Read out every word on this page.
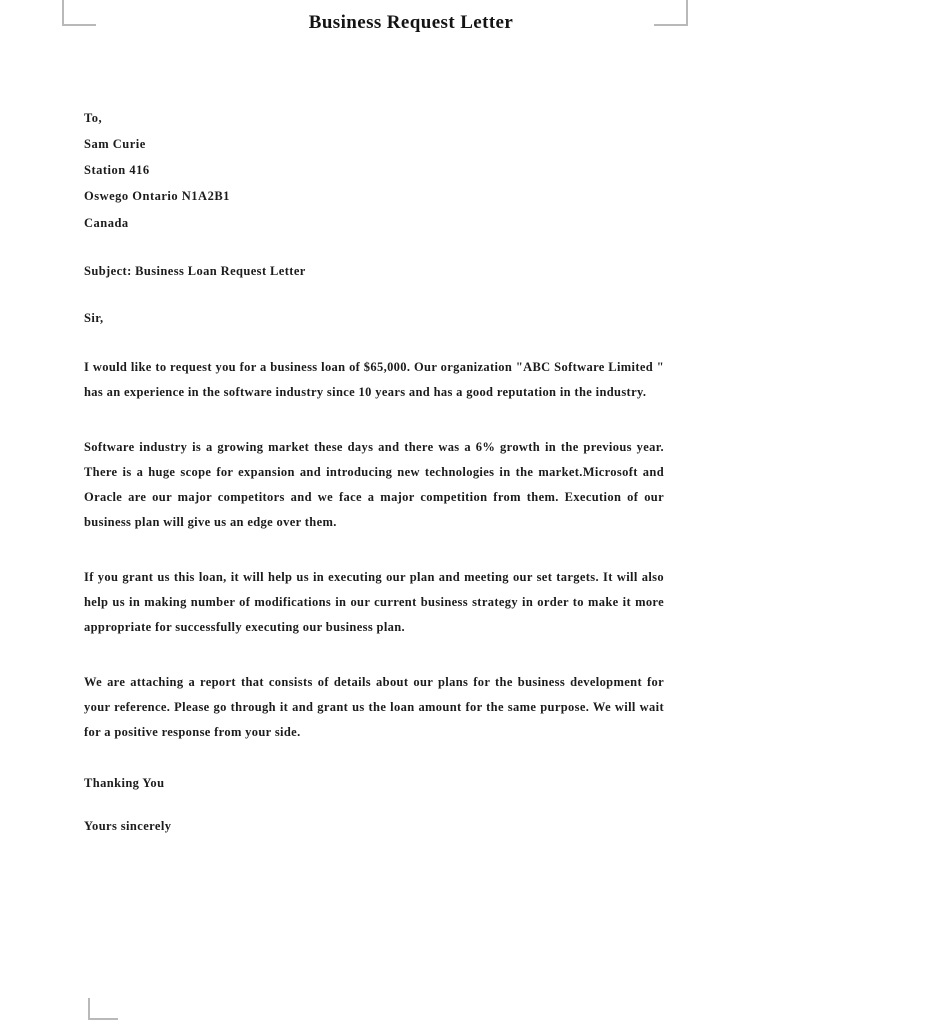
Business Request Letter

To,

Sam Curie

Station 416

Oswego Ontario N1A2B1

Canada

Subject: Business Loan Request Letter

Sir,

I would like to request you for a business loan of $65,000. Our organization "ABC Software Limited " has an experience in the software industry since 10 years and has a good reputation in the industry.

Software industry is a growing market these days and there was a 6% growth in the previous year. There is a huge scope for expansion and introducing new technologies in the market.Microsoft and Oracle are our major competitors and we face a major competition from them. Execution of our business plan will give us an edge over them.

If you grant us this loan, it will help us in executing our plan and meeting our set targets. It will also help us in making number of modifications in our current business strategy in order to make it more appropriate for successfully executing our business plan.

We are attaching a report that consists of details about our plans for the business development for your reference. Please go through it and grant us the loan amount for the same purpose. We will wait for a positive response from your side.

Thanking You

Yours sincerely
